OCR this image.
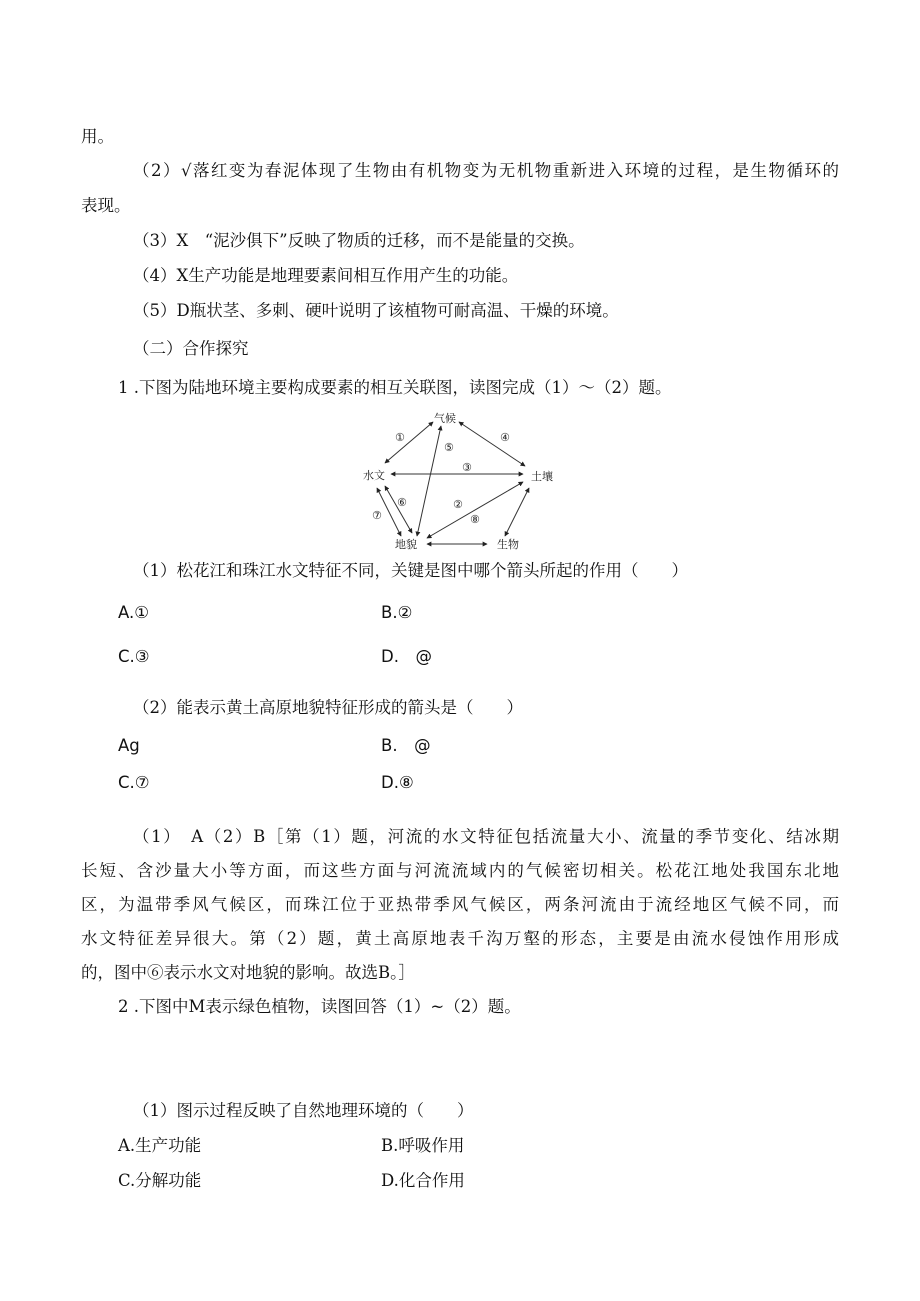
用。
（2）√落红变为春泥体现了生物由有机物变为无机物重新进入环境的过程，是生物循环的
表现。
（3）X　“泥沙俱下”反映了物质的迁移，而不是能量的交换。
（4）X生产功能是地理要素间相互作用产生的功能。
（5）D瓶状茎、多刺、硬叶说明了该植物可耐高温、干燥的环境。
（二）合作探究
1 .下图为陆地环境主要构成要素的相互关联图，读图完成（1）～（2）题。
气候
水文	土壤
地貌	生物
①	④
⑤
③
⑥	②
⑦	⑧
（1）松花江和珠江水文特征不同，关键是图中哪个箭头所起的作用（　　）
A.①	B.②
C.③	D.　@
（2）能表示黄土高原地貌特征形成的箭头是（　　）
Ag	B.　@
C.⑦	D.⑧
（1）　A（2）B［第（1）题，河流的水文特征包括流量大小、流量的季节变化、结冰期
长短、含沙量大小等方面，而这些方面与河流流域内的气候密切相关。松花江地处我国东北地
区，为温带季风气候区，而珠江位于亚热带季风气候区，两条河流由于流经地区气候不同，而
水文特征差异很大。第（2）题，黄土高原地表千沟万壑的形态，主要是由流水侵蚀作用形成
的，图中⑥表示水文对地貌的影响。故选B。］
2 .下图中M表示绿色植物，读图回答（1）~（2）题。
（1）图示过程反映了自然地理环境的（　　）
A.生产功能	B.呼吸作用
C.分解功能	D.化合作用
